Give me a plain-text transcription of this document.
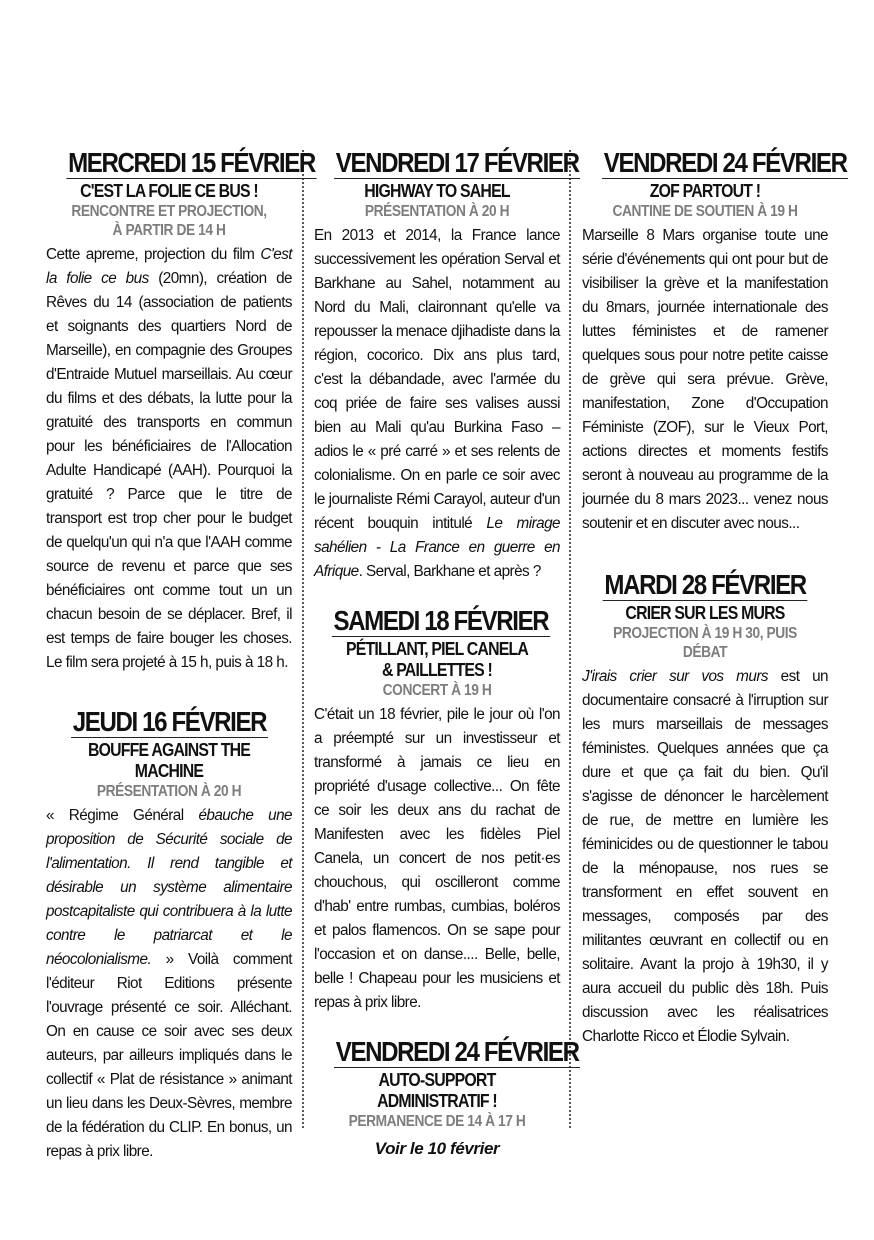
MERCREDI 15 FÉVRIER
C'EST LA FOLIE CE BUS !
RENCONTRE ET PROJECTION,
À PARTIR DE 14 H
Cette apreme, projection du film C'est la folie ce bus (20mn), création de Rêves du 14 (association de patients et soignants des quartiers Nord de Marseille), en compagnie des Groupes d'Entraide Mutuel marseillais. Au cœur du films et des débats, la lutte pour la gratuité des transports en commun pour les bénéficiaires de l'Allocation Adulte Handicapé (AAH). Pourquoi la gratuité ? Parce que le titre de transport est trop cher pour le budget de quelqu'un qui n'a que l'AAH comme source de revenu et parce que ses bénéficiaires ont comme tout un un chacun besoin de se déplacer. Bref, il est temps de faire bouger les choses. Le film sera projeté à 15 h, puis à 18 h.
JEUDI 16 FÉVRIER
BOUFFE AGAINST THE MACHINE
PRÉSENTATION À 20 H
« Régime Général ébauche une proposition de Sécurité sociale de l'alimentation. Il rend tangible et désirable un système alimentaire postcapitaliste qui contribuera à la lutte contre le patriarcat et le néocolonialisme. » Voilà comment l'éditeur Riot Editions présente l'ouvrage présenté ce soir. Alléchant. On en cause ce soir avec ses deux auteurs, par ailleurs impliqués dans le collectif « Plat de résistance » animant un lieu dans les Deux-Sèvres, membre de la fédération du CLIP. En bonus, un repas à prix libre.
VENDREDI 17 FÉVRIER
HIGHWAY TO SAHEL
PRÉSENTATION À 20 H
En 2013 et 2014, la France lance successivement les opération Serval et Barkhane au Sahel, notamment au Nord du Mali, claironnant qu'elle va repousser la menace djihadiste dans la région, cocorico. Dix ans plus tard, c'est la débandade, avec l'armée du coq priée de faire ses valises aussi bien au Mali qu'au Burkina Faso – adios le « pré carré » et ses relents de colonialisme. On en parle ce soir avec le journaliste Rémi Carayol, auteur d'un récent bouquin intitulé Le mirage sahélien - La France en guerre en Afrique. Serval, Barkhane et après ?
SAMEDI 18 FÉVRIER
PÉTILLANT, PIEL CANELA
& PAILLETTES !
CONCERT À 19 H
C'était un 18 février, pile le jour où l'on a préempté sur un investisseur et transformé à jamais ce lieu en propriété d'usage collective... On fête ce soir les deux ans du rachat de Manifesten avec les fidèles Piel Canela, un concert de nos petit·es chouchous, qui oscilleront comme d'hab' entre rumbas, cumbias, boléros et palos flamencos. On se sape pour l'occasion et on danse.... Belle, belle, belle ! Chapeau pour les musiciens et repas à prix libre.
VENDREDI 24 FÉVRIER
AUTO-SUPPORT ADMINISTRATIF !
PERMANENCE DE 14 À 17 H
Voir le 10 février
VENDREDI 24 FÉVRIER
ZOF PARTOUT !
CANTINE DE SOUTIEN À 19 H
Marseille 8 Mars organise toute une série d'événements qui ont pour but de visibiliser la grève et la manifestation du 8mars, journée internationale des luttes féministes et de ramener quelques sous pour notre petite caisse de grève qui sera prévue. Grève, manifestation, Zone d'Occupation Féministe (ZOF), sur le Vieux Port, actions directes et moments festifs seront à nouveau au programme de la journée du 8 mars 2023... venez nous soutenir et en discuter avec nous...
MARDI 28 FÉVRIER
CRIER SUR LES MURS
PROJECTION À 19 H 30, PUIS DÉBAT
J'irais crier sur vos murs est un documentaire consacré à l'irruption sur les murs marseillais de messages féministes. Quelques années que ça dure et que ça fait du bien. Qu'il s'agisse de dénoncer le harcèlement de rue, de mettre en lumière les féminicides ou de questionner le tabou de la ménopause, nos rues se transforment en effet souvent en messages, composés par des militantes œuvrant en collectif ou en solitaire. Avant la projo à 19h30, il y aura accueil du public dès 18h. Puis discussion avec les réalisatrices Charlotte Ricco et Élodie Sylvain.
